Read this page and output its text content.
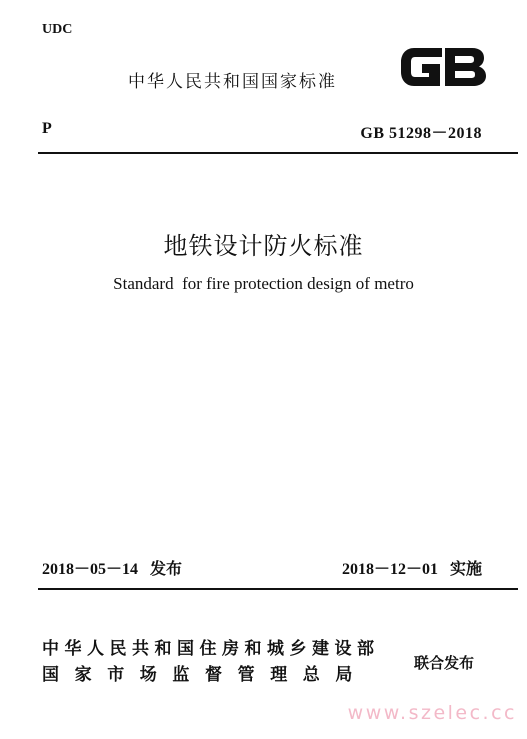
UDC
中华人民共和国国家标准
P	GB 51298－2018
地铁设计防火标准
Standard  for fire protection design of metro
2018－05－14 发布	2018－12－01 实施
中华人民共和国住房和城乡建设部
国家市场监督管理总局
联合发布
www.szelec.cc
